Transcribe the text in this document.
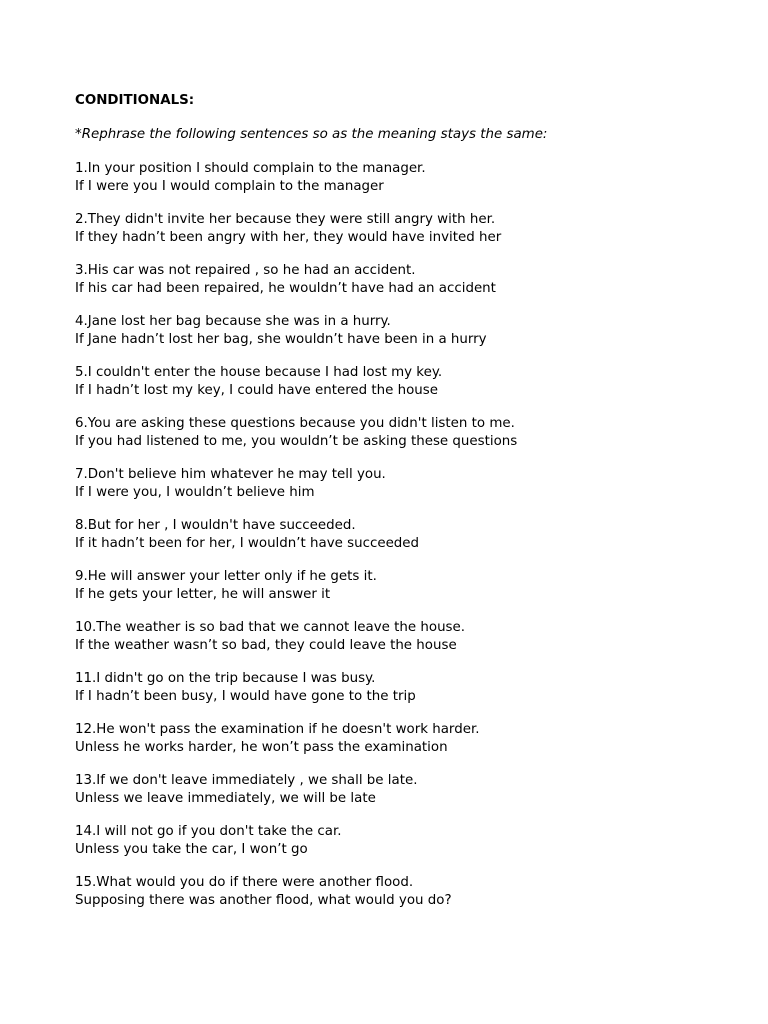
CONDITIONALS:
*Rephrase the following sentences so as the meaning stays the same:
1.In your position I should complain to the manager.
If I were you I would complain to the manager
2.They didn't invite her because they were still angry with her.
If they hadn’t been angry with her, they would have invited her
3.His car was not repaired , so he had an accident.
If his car had been repaired, he wouldn’t have had an accident
4.Jane lost her bag because she was in a hurry.
If Jane hadn’t lost her bag, she wouldn’t have been in a hurry
5.I couldn't enter the house because I had lost my key.
If I hadn’t lost my key, I could have entered the house
6.You are asking these questions because you didn't listen to me.
If you had listened to me, you wouldn’t be asking these questions
7.Don't believe him whatever he may tell you.
If I were you, I wouldn’t believe him
8.But for her , I wouldn't have succeeded.
If it hadn’t been for her, I wouldn’t have succeeded
9.He will answer your letter only if he gets it.
If he gets your letter, he will answer it
10.The weather is so bad that we cannot leave the house.
If the weather wasn’t so bad, they could leave the house
11.I didn't go on the trip because I was busy.
If I hadn’t been busy, I would have gone to the trip
12.He won't pass the examination if he doesn't work harder.
Unless he works harder, he won’t pass the examination
13.If we don't leave immediately , we shall be late.
Unless we leave immediately, we will be late
14.I will not go if you don't take the car.
Unless you take the car, I won’t go
15.What would you do if there were another flood.
Supposing there was another flood, what would you do?
